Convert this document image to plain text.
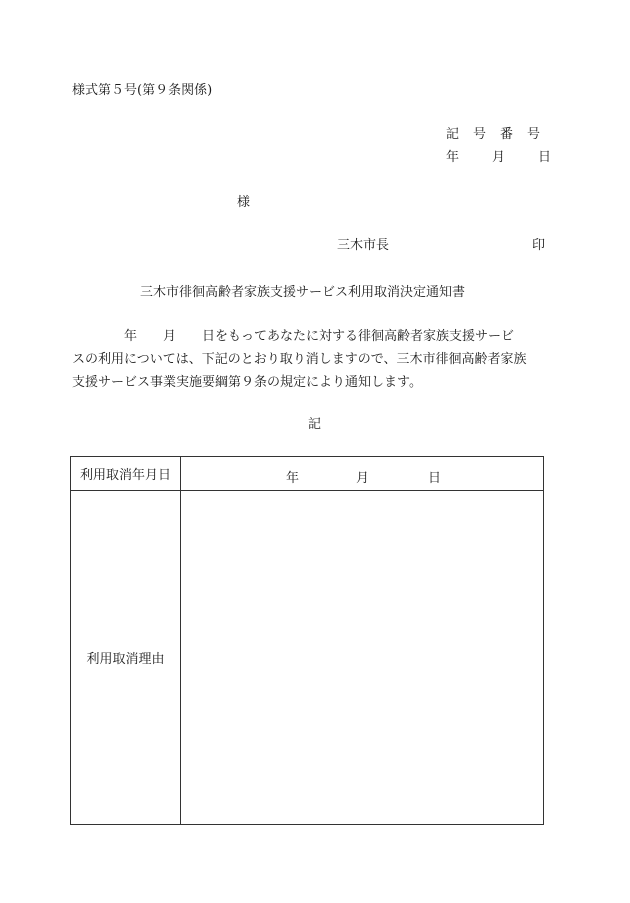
様式第５号(第９条関係)
記 号 番 号
年	月	日
様
三木市長	印
三木市徘徊高齢者家族支援サービス利用取消決定通知書
　　　　年　　月　　日をもってあなたに対する徘徊高齢者家族支援サービ
スの利用については、下記のとおり取り消しますので、三木市徘徊高齢者家族
支援サービス事業実施要綱第９条の規定により通知します。
記
利用取消年月日	年 月 日

利用取消理由	
